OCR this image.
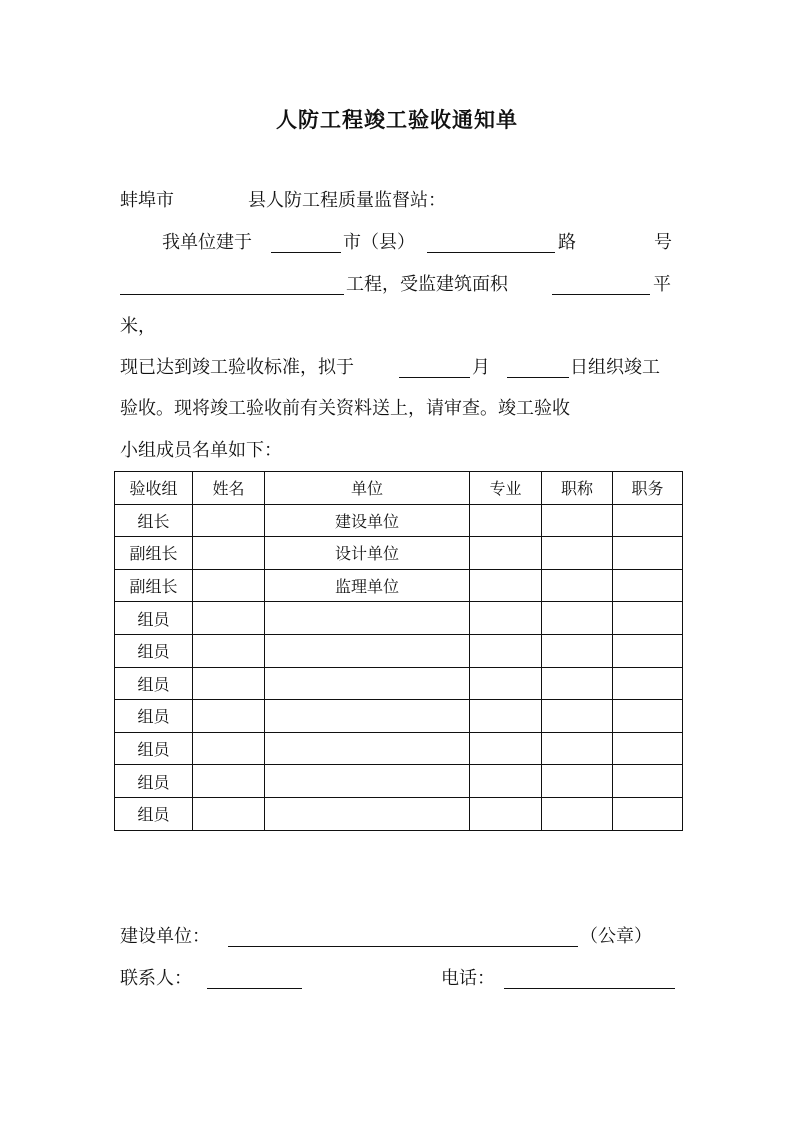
人防工程竣工验收通知单
蚌埠市	县人防工程质量监督站：
我单位建于	市（县）	路	号
工程，受监建筑面积	平
米，
现已达到竣工验收标准，拟于	月	日组织竣工
验收。现将竣工验收前有关资料送上，请审查。竣工验收
小组成员名单如下：
验收组	姓名	单位	专业	职称	职务
组长		建设单位			
副组长		设计单位			
副组长		监理单位			
组员					
组员					
组员					
组员					
组员					
组员					
组员					
建设单位：	（公章）
联系人：	电话：
